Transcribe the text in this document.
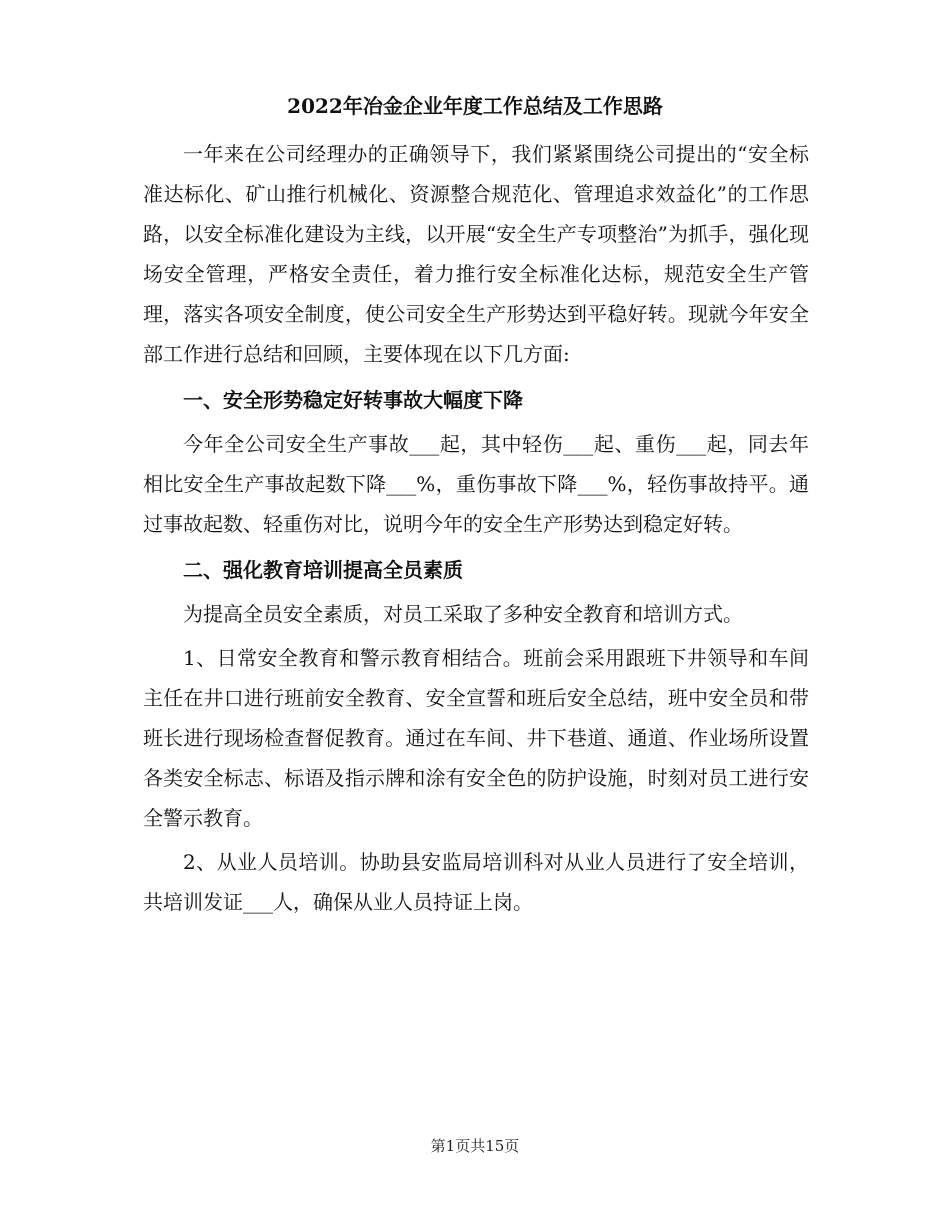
2022年冶金企业年度工作总结及工作思路

一年来在公司经理办的正确领导下，我们紧紧围绕公司提出的“安全标准达标化、矿山推行机械化、资源整合规范化、管理追求效益化”的工作思路，以安全标准化建设为主线，以开展“安全生产专项整治”为抓手，强化现场安全管理，严格安全责任，着力推行安全标准化达标，规范安全生产管理，落实各项安全制度，使公司安全生产形势达到平稳好转。现就今年安全部工作进行总结和回顾，主要体现在以下几方面:

一、安全形势稳定好转事故大幅度下降

今年全公司安全生产事故___起，其中轻伤___起、重伤___起，同去年相比安全生产事故起数下降___%，重伤事故下降___%，轻伤事故持平。通过事故起数、轻重伤对比，说明今年的安全生产形势达到稳定好转。

二、强化教育培训提高全员素质

为提高全员安全素质，对员工采取了多种安全教育和培训方式。

1、日常安全教育和警示教育相结合。班前会采用跟班下井领导和车间主任在井口进行班前安全教育、安全宣誓和班后安全总结，班中安全员和带班长进行现场检查督促教育。通过在车间、井下巷道、通道、作业场所设置各类安全标志、标语及指示牌和涂有安全色的防护设施，时刻对员工进行安全警示教育。

2、从业人员培训。协助县安监局培训科对从业人员进行了安全培训，共培训发证___人，确保从业人员持证上岗。

第1页共15页
